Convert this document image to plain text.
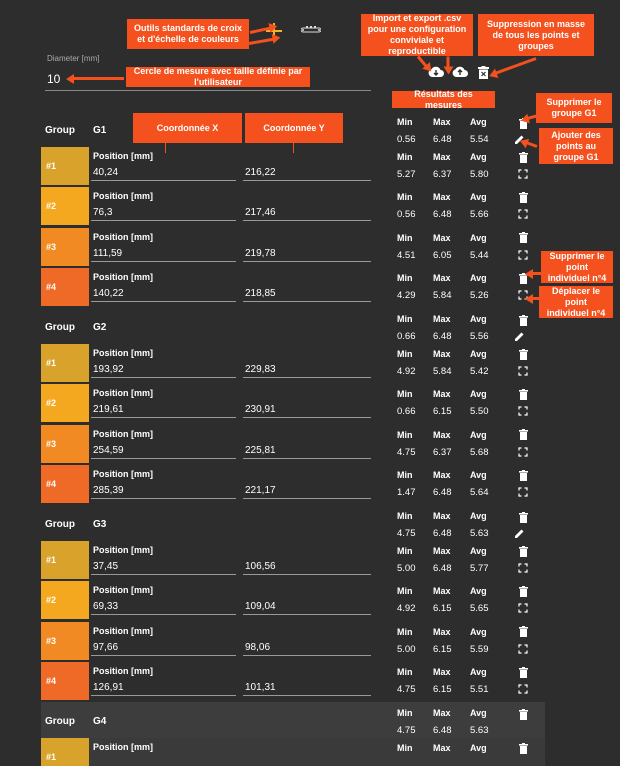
Diameter [mm]
10
Group G1
Min Max Avg
0.56 6.48 5.54
#1
Position [mm]
40,24	216,22
Min Max Avg
5.27 6.37 5.80
#2
Position [mm]
76,3	217,46
Min Max Avg
0.56 6.48 5.66
#3
Position [mm]
111,59	219,78
Min Max Avg
4.51 6.05 5.44
#4
Position [mm]
140,22	218,85
Min Max Avg
4.29 5.84 5.26
Group G2
Min Max Avg
0.66 6.48 5.56
#1
Position [mm]
193,92	229,83
Min Max Avg
4.92 5.84 5.42
#2
Position [mm]
219,61	230,91
Min Max Avg
0.66 6.15 5.50
#3
Position [mm]
254,59	225,81
Min Max Avg
4.75 6.37 5.68
#4
Position [mm]
285,39	221,17
Min Max Avg
1.47 6.48 5.64
Group G3
Min Max Avg
4.75 6.48 5.63
#1
Position [mm]
37,45	106,56
Min Max Avg
5.00 6.48 5.77
#2
Position [mm]
69,33	109,04
Min Max Avg
4.92 6.15 5.65
#3
Position [mm]
97,66	98,06
Min Max Avg
5.00 6.15 5.59
#4
Position [mm]
126,91	101,31
Min Max Avg
4.75 6.15 5.51
Group G4
Min Max Avg
4.75 6.48 5.63
#1
Position [mm]	Min Max Avg
Outils standards de croix et d'échelle de couleurs
Import et export .csv pour une configuration conviviale et reproductible
Suppression en masse de tous les points et groupes
Cercle de mesure avec taille définie par l'utilisateur
Résultats des mesures
Coordonnée X	Coordonnée Y
Supprimer le groupe G1
Ajouter des points au groupe G1
Supprimer le point individuel n°4
Déplacer le point individuel n°4
